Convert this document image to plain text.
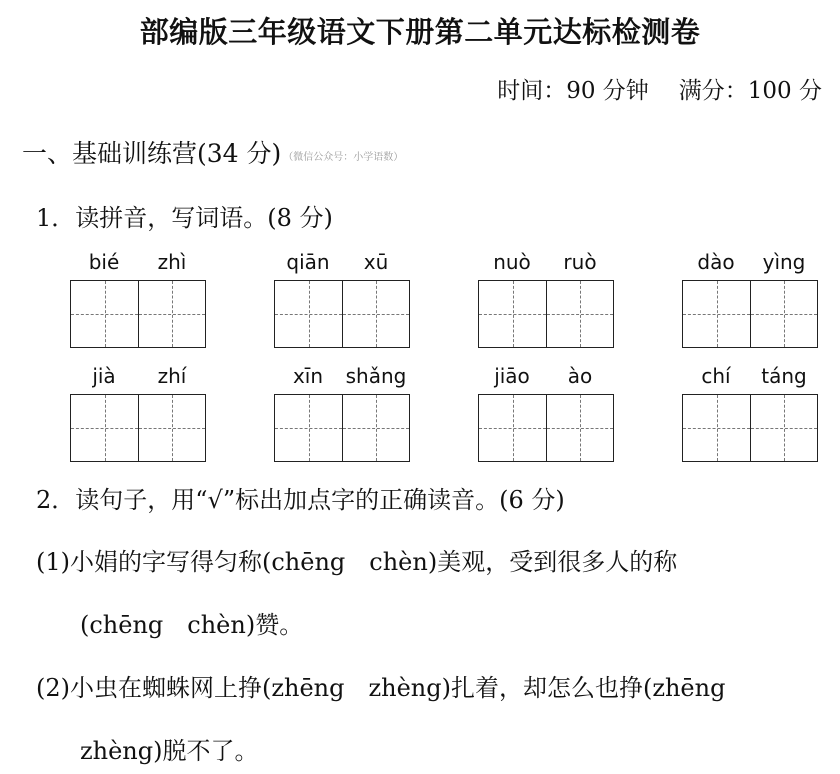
部编版三年级语文下册第二单元达标检测卷
时间：90 分钟 满分：100 分
一、基础训练营(34 分) （微信公众号：小学语数）
1．读拼音，写词语。(8 分)
bié	zhì	qiān	xū	nuò	ruò	dào	yìng
jià	zhí	xīn	shǎng	jiāo	ào	chí	táng
2．读句子，用“√”标出加点字的正确读音。(6 分)
(1)小娟的字写得匀称(chēng　chèn)美观，受到很多人的称
(chēng　chèn)赞。
(2)小虫在蜘蛛网上挣(zhēng　zhèng)扎着，却怎么也挣(zhēng
zhèng)脱不了。
